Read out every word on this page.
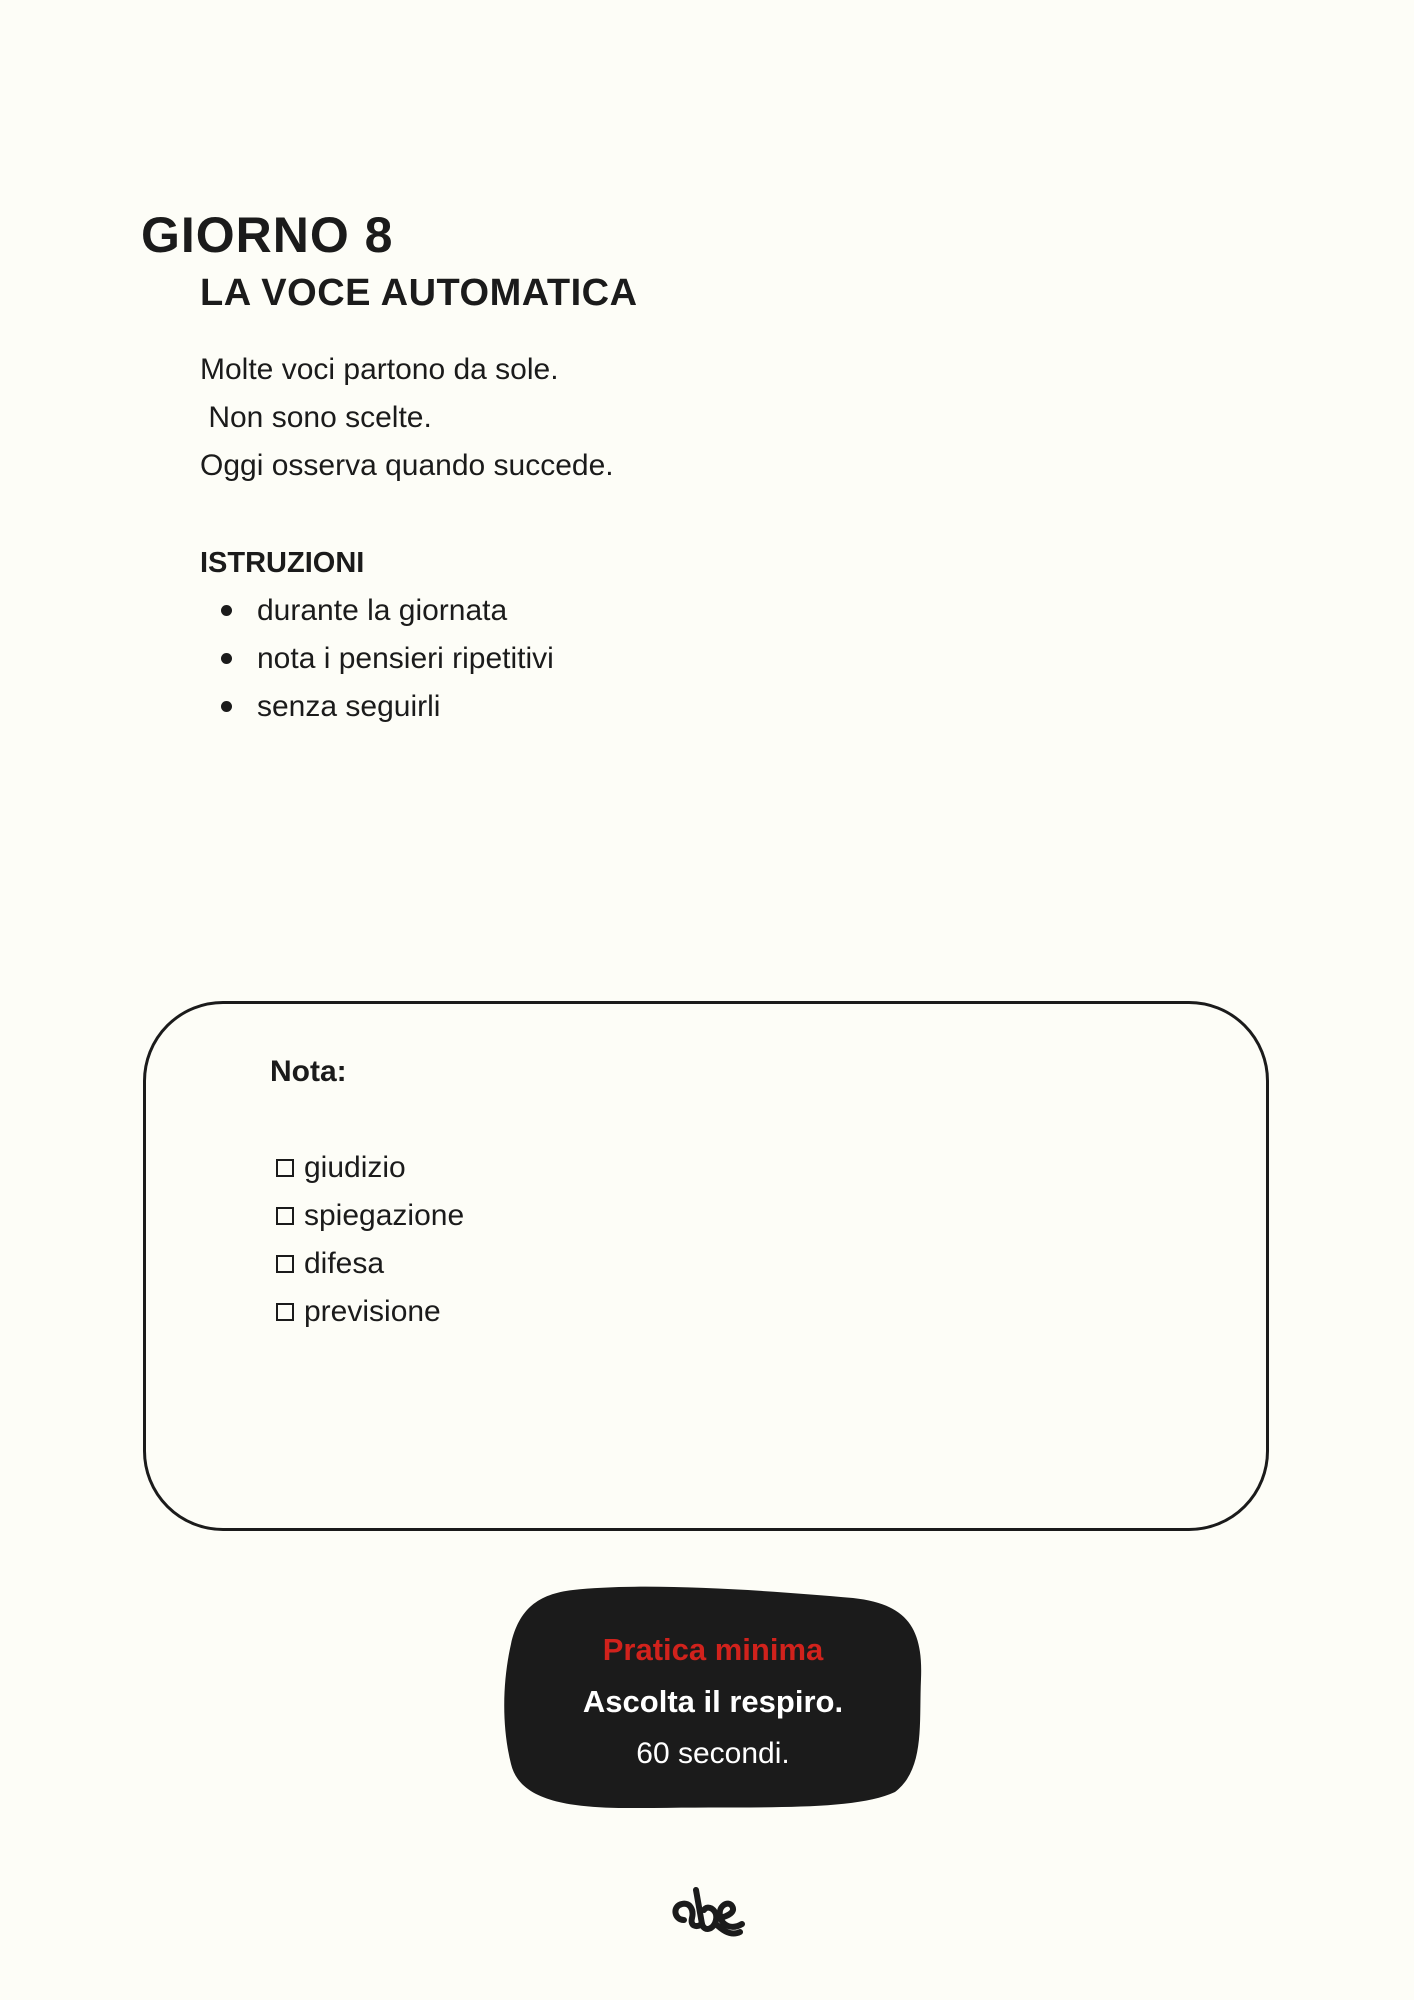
GIORNO 8
LA VOCE AUTOMATICA
Molte voci partono da sole.
Non sono scelte.
Oggi osserva quando succede.
ISTRUZIONI
durante la giornata
nota i pensieri ripetitivi
senza seguirli
Nota:
giudizio
spiegazione
difesa
previsione
Pratica minima
Ascolta il respiro.
60 secondi.
